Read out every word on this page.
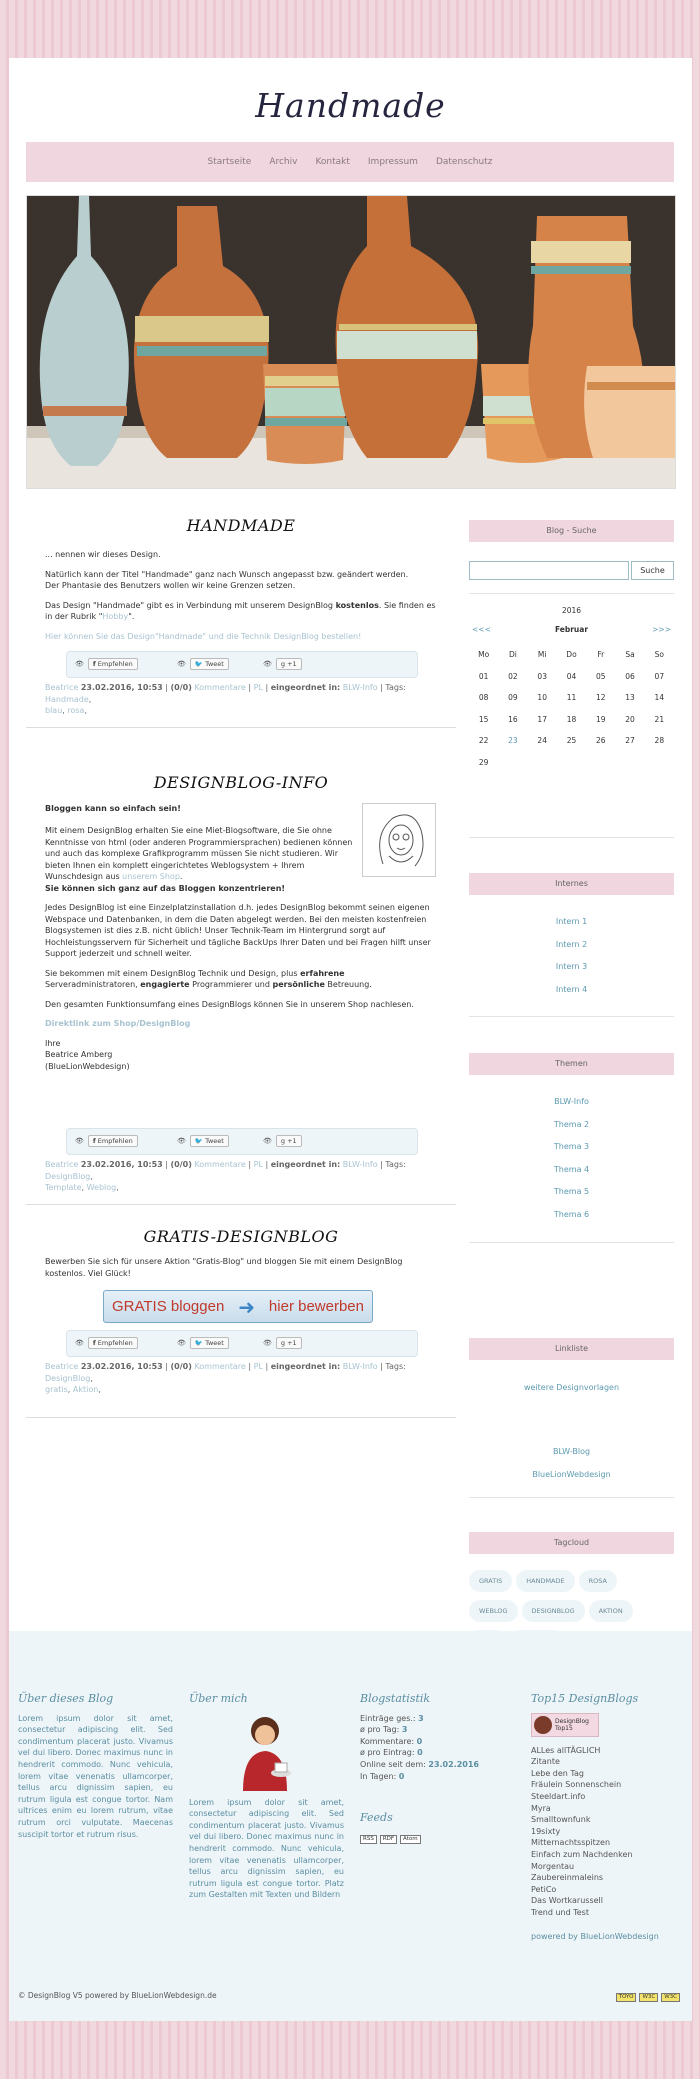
Handmade
Startseite Archiv Kontakt Impressum Datenschutz
HANDMADE

... nennen wir dieses Design.

Natürlich kann der Titel "Handmade" ganz nach Wunsch angepasst bzw. geändert werden.
Der Phantasie des Benutzers wollen wir keine Grenzen setzen.

Das Design "Handmade" gibt es in Verbindung mit unserem DesignBlog kostenlos. Sie finden es in der Rubrik "Hobby".

Hier können Sie das Design"Handmade" und die Technik DesignBlog bestellen!

👁	f Empfehlen	👁	🐦 Tweet	👁	g +1
Beatrice 23.02.2016, 10:53 | (0/0) Kommentare | PL | eingeordnet in: BLW-Info | Tags: Handmade,
blau, rosa,
DESIGNBLOG-INFO

Bloggen kann so einfach sein!

Mit einem DesignBlog erhalten Sie eine Miet-Blogsoftware, die Sie ohne Kenntnisse von html (oder anderen Programmiersprachen) bedienen können und auch das komplexe Grafikprogramm müssen Sie nicht studieren. Wir bieten Ihnen ein komplett eingerichtetes Weblogsystem + Ihrem Wunschdesign aus unserem Shop.
Sie können sich ganz auf das Bloggen konzentrieren!

Jedes DesignBlog ist eine Einzelplatzinstallation d.h. jedes DesignBlog bekommt seinen eigenen Webspace und Datenbanken, in dem die Daten abgelegt werden. Bei den meisten kostenfreien Blogsystemen ist dies z.B. nicht üblich! Unser Technik-Team im Hintergrund sorgt auf Hochleistungsservern für Sicherheit und tägliche BackUps Ihrer Daten und bei Fragen hilft unser Support jederzeit und schnell weiter.

Sie bekommen mit einem DesignBlog Technik und Design, plus erfahrene Serveradministratoren, engagierte Programmierer und persönliche Betreuung.

Den gesamten Funktionsumfang eines DesignBlogs können Sie in unserem Shop nachlesen.

Direktlink zum Shop/DesignBlog

Ihre
Beatrice Amberg
(BlueLionWebdesign)

👁	f Empfehlen	👁	🐦 Tweet	👁	g +1
Beatrice 23.02.2016, 10:53 | (0/0) Kommentare | PL | eingeordnet in: BLW-Info | Tags: DesignBlog,
Template, Weblog,
GRATIS-DESIGNBLOG

Bewerben Sie sich für unsere Aktion "Gratis-Blog" und bloggen Sie mit einem DesignBlog kostenlos. Viel Glück!

GRATIS bloggen ➜ hier bewerben
👁	f Empfehlen	👁	🐦 Tweet	👁	g +1
Beatrice 23.02.2016, 10:53 | (0/0) Kommentare | PL | eingeordnet in: BLW-Info | Tags: DesignBlog,
gratis, Aktion,
Blog - Suche
Suche
2016
<<<	Februar	>>>
Mo	Di	Mi	Do	Fr	Sa	So
01	02	03	04	05	06	07
08	09	10	11	12	13	14
15	16	17	18	19	20	21
22	23	24	25	26	27	28
29
Internes
Intern 1
Intern 2
Intern 3
Intern 4
Themen
BLW-Info
Thema 2
Thema 3
Thema 4
Thema 5
Thema 6
Linkliste
weitere Designvorlagen
BLW-Blog
BlueLionWebdesign
Tagcloud
GRATIS	HANDMADE	ROSA WEBLOG	DESIGNBLOG	AKTION
Über dieses Blog
Lorem ipsum dolor sit amet, consectetur adipiscing elit. Sed condimentum placerat justo. Vivamus vel dui libero. Donec maximus nunc in hendrerit commodo. Nunc vehicula, lorem vitae venenatis ullamcorper, tellus arcu dignissim sapien, eu rutrum ligula est congue tortor. Nam ultrices enim eu lorem rutrum, vitae rutrum orci vulputate. Maecenas suscipit tortor et rutrum risus.
Über mich
Lorem ipsum dolor sit amet, consectetur adipiscing elit. Sed condimentum placerat justo. Vivamus vel dui libero. Donec maximus nunc in hendrerit commodo. Nunc vehicula, lorem vitae venenatis ullamcorper, tellus arcu dignissim sapien, eu rutrum ligula est congue tortor. Platz zum Gestalten mit Texten und Bildern
Blogstatistik
Einträge ges.: 3
ø pro Tag: 3
Kommentare: 0
ø pro Eintrag: 0
Online seit dem: 23.02.2016
In Tagen: 0
Feeds
RSS RDF Atom
Top15 DesignBlogs
DesignBlog
Top15
ALLes allTÄGLICH
Zitante
Lebe den Tag
Fräulein Sonnenschein
Steeldart.info
Myra
Smalltownfunk
19sixty
Mitternachtsspitzen
Einfach zum Nachdenken
Morgentau
Zaubereinmaleins
PetiCo
Das Wortkarussell
Trend und Test
powered by BlueLionWebdesign
© DesignBlog V5 powered by BlueLionWebdesign.de	TOYO W3C W3C
